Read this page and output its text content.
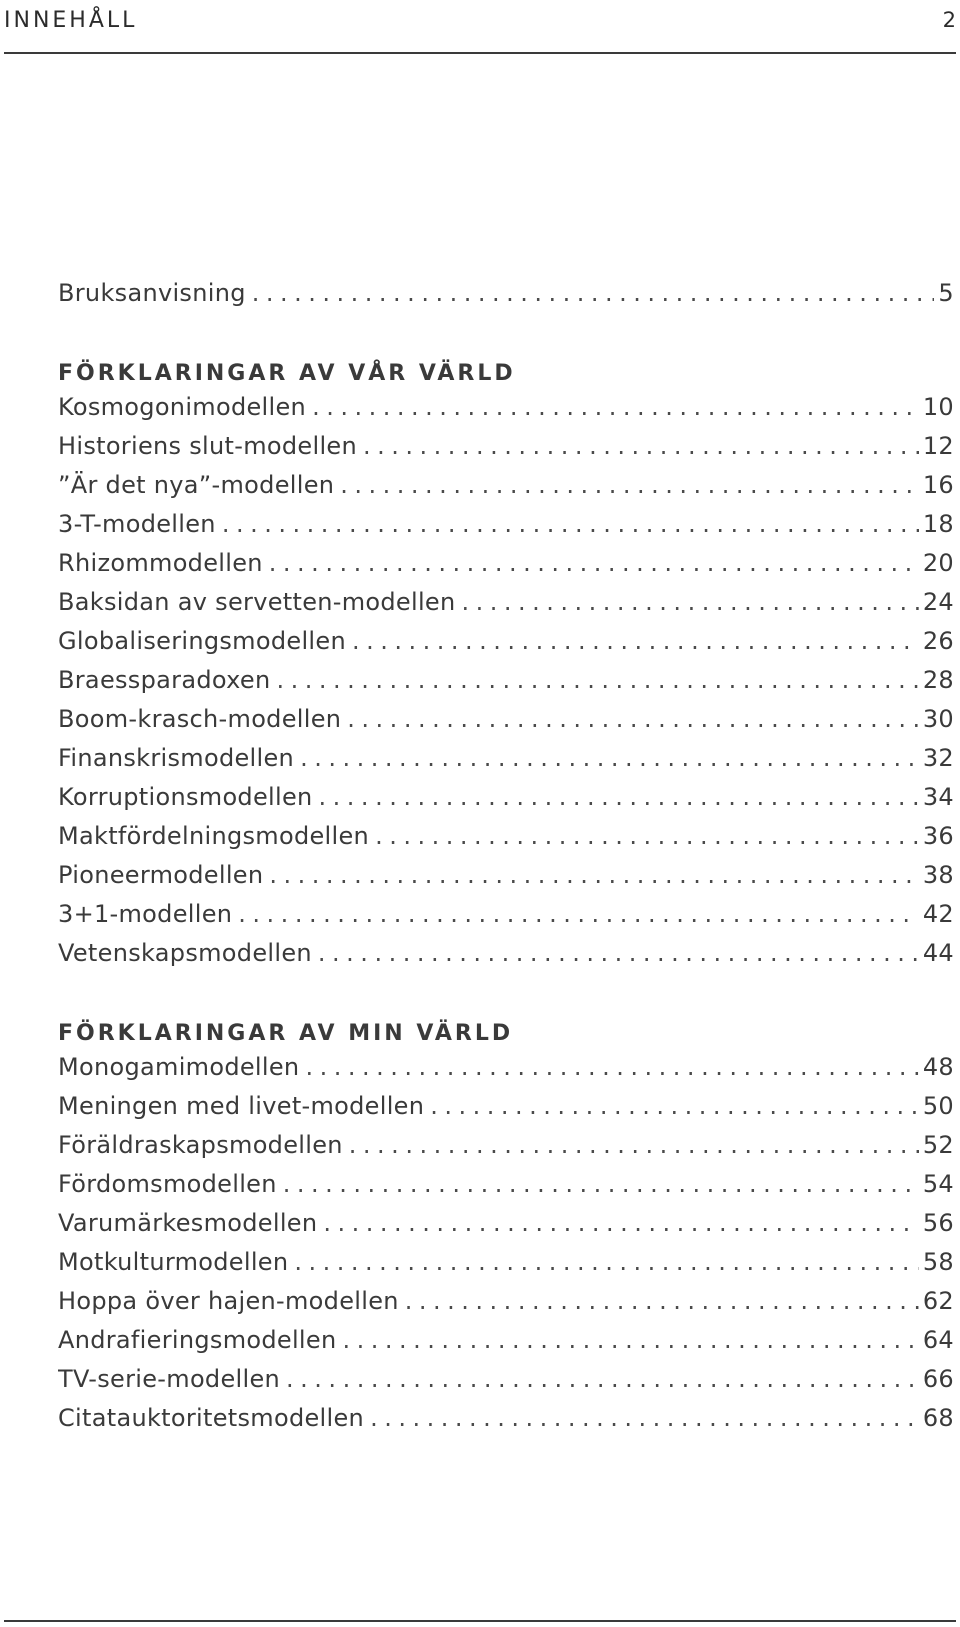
INNEHÅLL	2
Bruksanvisning .....	5
FÖRKLARINGAR AV VÅR VÄRLD
Kosmogonimodellen .....	10
Historiens slut-modellen .....	12
”Är det nya”-modellen .....	16
3-T-modellen .....	18
Rhizommodellen .....	20
Baksidan av servetten-modellen .....	24
Globaliseringsmodellen .....	26
Braessparadoxen .....	28
Boom-krasch-modellen .....	30
Finanskrismodellen .....	32
Korruptionsmodellen .....	34
Maktfördelningsmodellen .....	36
Pioneermodellen .....	38
3+1-modellen .....	42
Vetenskapsmodellen .....	44
FÖRKLARINGAR AV MIN VÄRLD
Monogamimodellen .....	48
Meningen med livet-modellen .....	50
Föräldraskapsmodellen .....	52
Fördomsmodellen .....	54
Varumärkesmodellen .....	56
Motkulturmodellen .....	58
Hoppa över hajen-modellen .....	62
Andrafieringsmodellen .....	64
TV-serie-modellen .....	66
Citatauktoritetsmodellen .....	68
